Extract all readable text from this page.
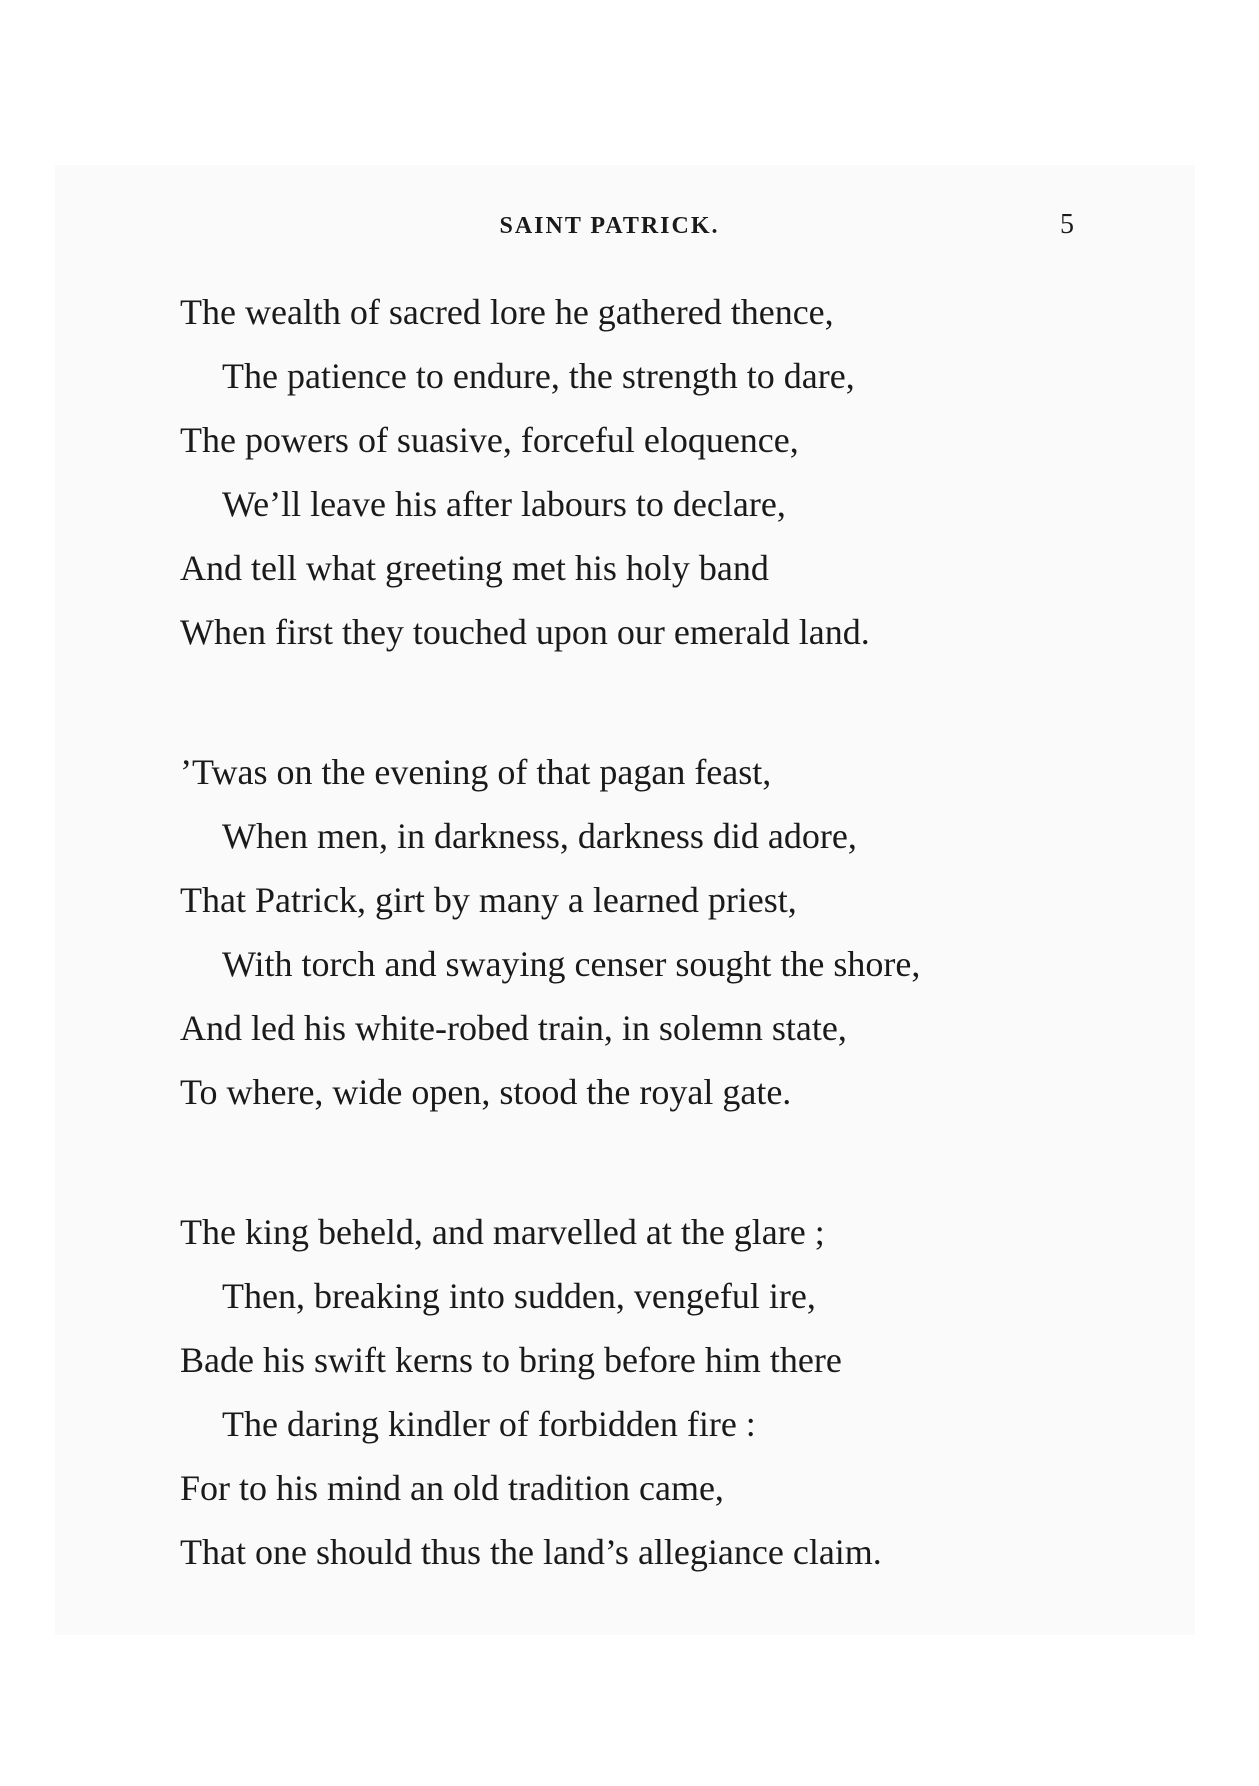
SAINT PATRICK.	5
The wealth of sacred lore he gathered thence,
The patience to endure, the strength to dare,
The powers of suasive, forceful eloquence,
We’ll leave his after labours to declare,
And tell what greeting met his holy band
When first they touched upon our emerald land.
’Twas on the evening of that pagan feast,
When men, in darkness, darkness did adore,
That Patrick, girt by many a learned priest,
With torch and swaying censer sought the shore,
And led his white-robed train, in solemn state,
To where, wide open, stood the royal gate.
The king beheld, and marvelled at the glare ;
Then, breaking into sudden, vengeful ire,
Bade his swift kerns to bring before him there
The daring kindler of forbidden fire :
For to his mind an old tradition came,
That one should thus the land’s allegiance claim.
